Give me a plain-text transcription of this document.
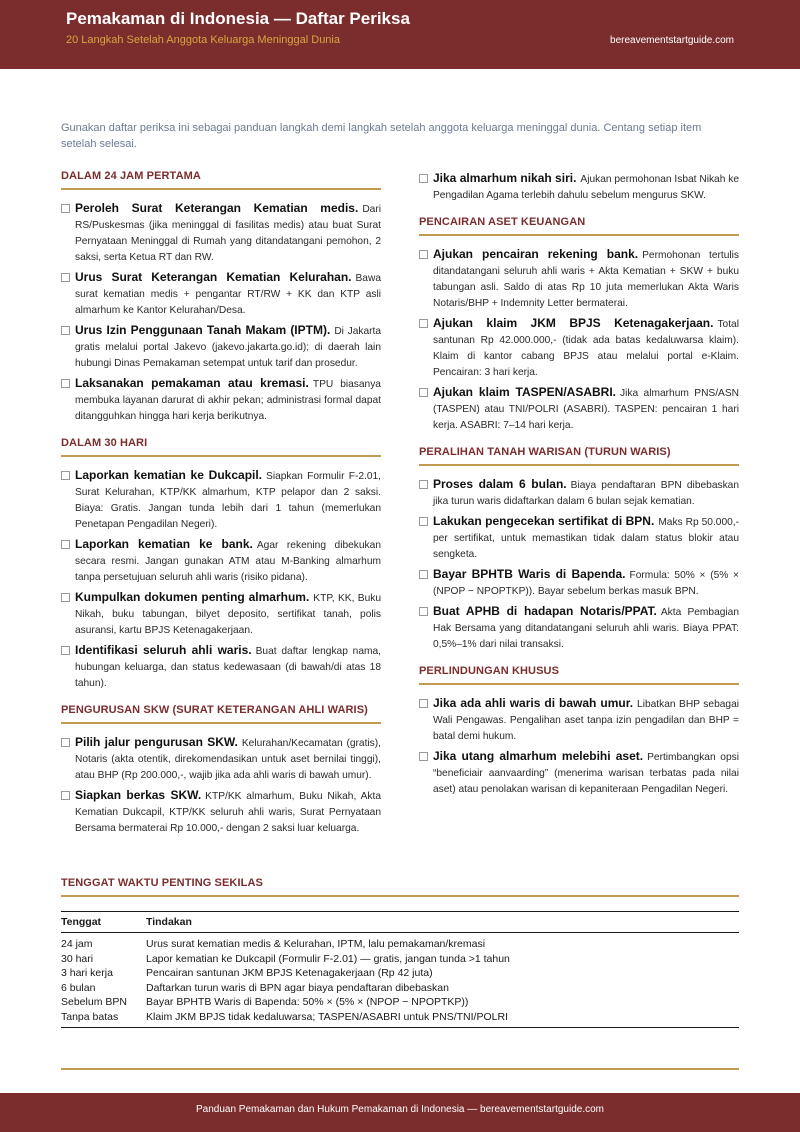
Pemakaman di Indonesia — Daftar Periksa
20 Langkah Setelah Anggota Keluarga Meninggal Dunia	bereavementstartguide.com
Gunakan daftar periksa ini sebagai panduan langkah demi langkah setelah anggota keluarga meninggal dunia. Centang setiap item setelah selesai.
DALAM 24 JAM PERTAMA
Peroleh Surat Keterangan Kematian medis. Dari RS/Puskesmas (jika meninggal di fasilitas medis) atau buat Surat Pernyataan Meninggal di Rumah yang ditandatangani pemohon, 2 saksi, serta Ketua RT dan RW.
Urus Surat Keterangan Kematian Kelurahan. Bawa surat kematian medis + pengantar RT/RW + KK dan KTP asli almarhum ke Kantor Kelurahan/Desa.
Urus Izin Penggunaan Tanah Makam (IPTM). Di Jakarta gratis melalui portal Jakevo (jakevo.jakarta.go.id); di daerah lain hubungi Dinas Pemakaman setempat untuk tarif dan prosedur.
Laksanakan pemakaman atau kremasi. TPU biasanya membuka layanan darurat di akhir pekan; administrasi formal dapat ditangguhkan hingga hari kerja berikutnya.
DALAM 30 HARI
Laporkan kematian ke Dukcapil. Siapkan Formulir F-2.01, Surat Kelurahan, KTP/KK almarhum, KTP pelapor dan 2 saksi. Biaya: Gratis. Jangan tunda lebih dari 1 tahun (memerlukan Penetapan Pengadilan Negeri).
Laporkan kematian ke bank. Agar rekening dibekukan secara resmi. Jangan gunakan ATM atau M-Banking almarhum tanpa persetujuan seluruh ahli waris (risiko pidana).
Kumpulkan dokumen penting almarhum. KTP, KK, Buku Nikah, buku tabungan, bilyet deposito, sertifikat tanah, polis asuransi, kartu BPJS Ketenagakerjaan.
Identifikasi seluruh ahli waris. Buat daftar lengkap nama, hubungan keluarga, dan status kedewasaan (di bawah/di atas 18 tahun).
PENGURUSAN SKW (SURAT KETERANGAN AHLI WARIS)
Pilih jalur pengurusan SKW. Kelurahan/Kecamatan (gratis), Notaris (akta otentik, direkomendasikan untuk aset bernilai tinggi), atau BHP (Rp 200.000,-, wajib jika ada ahli waris di bawah umur).
Siapkan berkas SKW. KTP/KK almarhum, Buku Nikah, Akta Kematian Dukcapil, KTP/KK seluruh ahli waris, Surat Pernyataan Bersama bermaterai Rp 10.000,- dengan 2 saksi luar keluarga.
Jika almarhum nikah siri. Ajukan permohonan Isbat Nikah ke Pengadilan Agama terlebih dahulu sebelum mengurus SKW.
PENCAIRAN ASET KEUANGAN
Ajukan pencairan rekening bank. Permohonan tertulis ditandatangani seluruh ahli waris + Akta Kematian + SKW + buku tabungan asli. Saldo di atas Rp 10 juta memerlukan Akta Waris Notaris/BHP + Indemnity Letter bermaterai.
Ajukan klaim JKM BPJS Ketenagakerjaan. Total santunan Rp 42.000.000,- (tidak ada batas kedaluwarsa klaim). Klaim di kantor cabang BPJS atau melalui portal e-Klaim. Pencairan: 3 hari kerja.
Ajukan klaim TASPEN/ASABRI. Jika almarhum PNS/ASN (TASPEN) atau TNI/POLRI (ASABRI). TASPEN: pencairan 1 hari kerja. ASABRI: 7–14 hari kerja.
PERALIHAN TANAH WARISAN (TURUN WARIS)
Proses dalam 6 bulan. Biaya pendaftaran BPN dibebaskan jika turun waris didaftarkan dalam 6 bulan sejak kematian.
Lakukan pengecekan sertifikat di BPN. Maks Rp 50.000,- per sertifikat, untuk memastikan tidak dalam status blokir atau sengketa.
Bayar BPHTB Waris di Bapenda. Formula: 50% × (5% × (NPOP − NPOPTKP)). Bayar sebelum berkas masuk BPN.
Buat APHB di hadapan Notaris/PPAT. Akta Pembagian Hak Bersama yang ditandatangani seluruh ahli waris. Biaya PPAT: 0,5%–1% dari nilai transaksi.
PERLINDUNGAN KHUSUS
Jika ada ahli waris di bawah umur. Libatkan BHP sebagai Wali Pengawas. Pengalihan aset tanpa izin pengadilan dan BHP = batal demi hukum.
Jika utang almarhum melebihi aset. Pertimbangkan opsi “beneficiair aanvaarding” (menerima warisan terbatas pada nilai aset) atau penolakan warisan di kepaniteraan Pengadilan Negeri.
TENGGAT WAKTU PENTING SEKILAS
Tenggat	Tindakan
24 jam	Urus surat kematian medis & Kelurahan, IPTM, lalu pemakaman/kremasi
30 hari	Lapor kematian ke Dukcapil (Formulir F-2.01) — gratis, jangan tunda >1 tahun
3 hari kerja	Pencairan santunan JKM BPJS Ketenagakerjaan (Rp 42 juta)
6 bulan	Daftarkan turun waris di BPN agar biaya pendaftaran dibebaskan
Sebelum BPN	Bayar BPHTB Waris di Bapenda: 50% × (5% × (NPOP − NPOPTKP))
Tanpa batas	Klaim JKM BPJS tidak kedaluwarsa; TASPEN/ASABRI untuk PNS/TNI/POLRI
Panduan Pemakaman dan Hukum Pemakaman di Indonesia — bereavementstartguide.com
